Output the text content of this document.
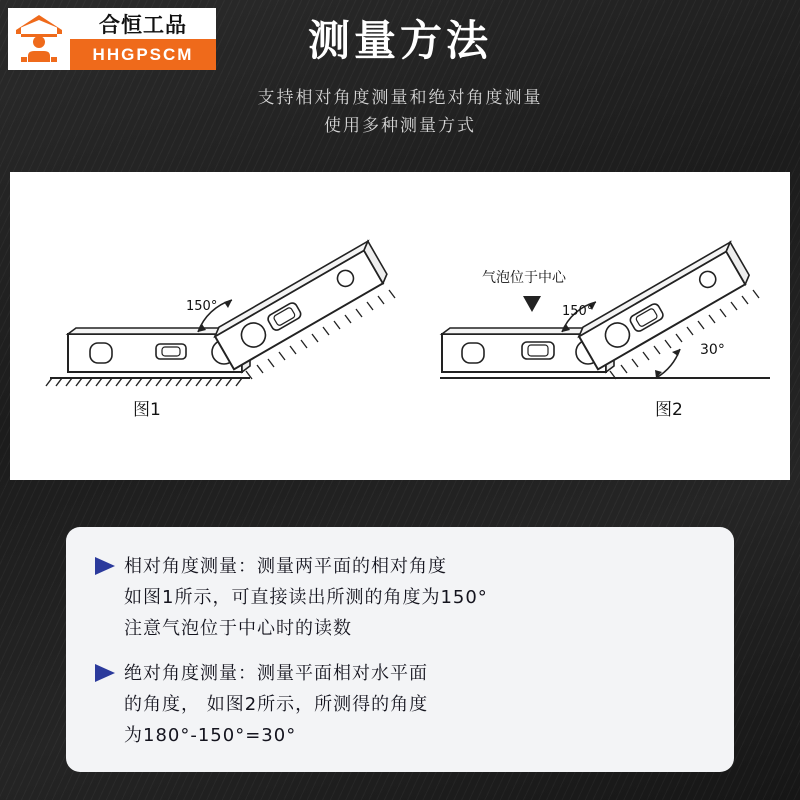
合恒工品
HHGPSCM	测量方法
支持相对角度测量和绝对角度测量
使用多种测量方式
150°
图1
150°
30°
气泡位于中心
图2
相对角度测量：测量两平面的相对角度
如图1所示，可直接读出所测的角度为150°
注意气泡位于中心时的读数
绝对角度测量：测量平面相对水平面
的角度， 如图2所示，所测得的角度
为180°-150°=30°
